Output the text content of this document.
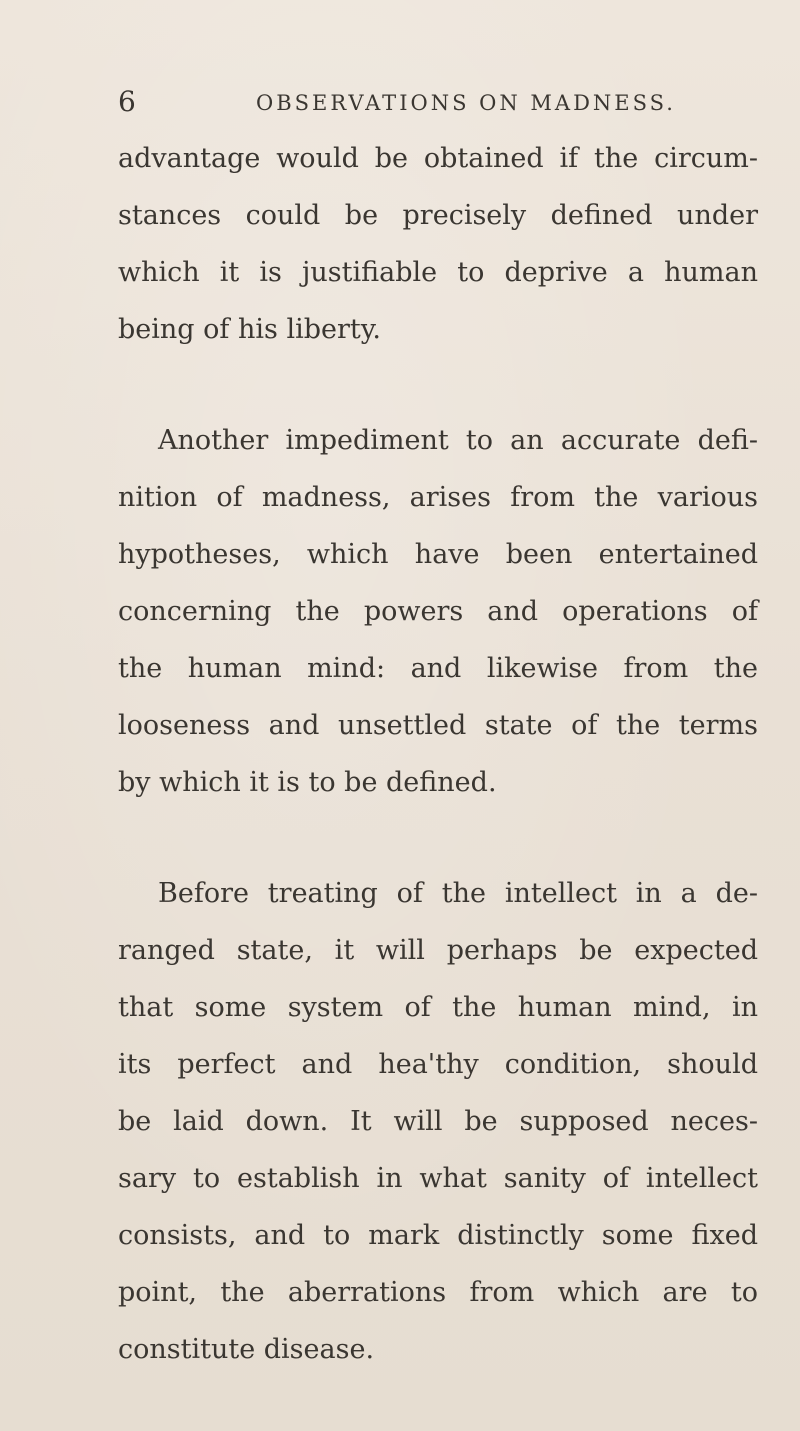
6	OBSERVATIONS ON MADNESS.
advantage would be obtained if the circum-
stances could be precisely defined under
which it is justifiable to deprive a human
being of his liberty.
Another impediment to an accurate defi-
nition of madness, arises from the various
hypotheses, which have been entertained
concerning the powers and operations of
the human mind: and likewise from the
looseness and unsettled state of the terms
by which it is to be defined.
Before treating of the intellect in a de-
ranged state, it will perhaps be expected
that some system of the human mind, in
its perfect and hea'thy condition, should
be laid down. It will be supposed neces-
sary to establish in what sanity of intellect
consists, and to mark distinctly some fixed
point, the aberrations from which are to
constitute disease.
